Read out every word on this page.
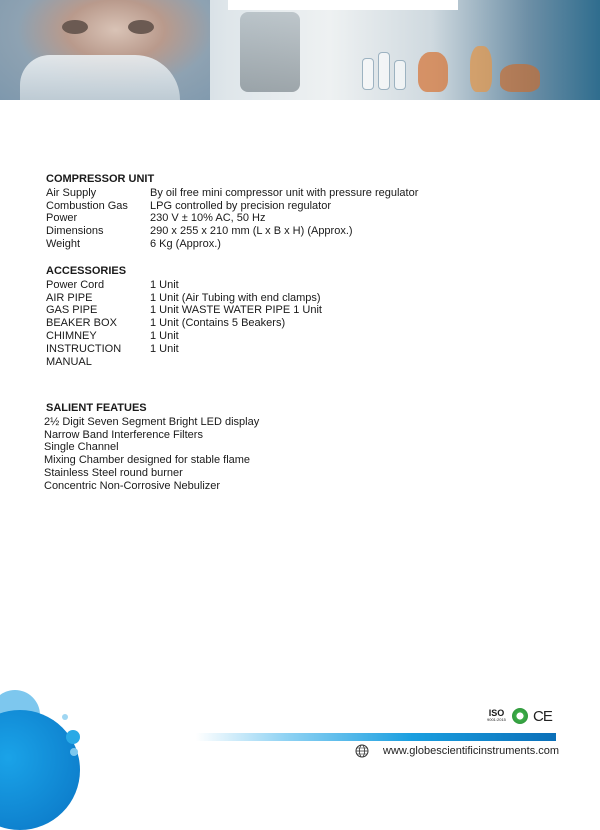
COMPRESSOR UNIT
Air Supply	By oil free mini compressor unit with pressure regulator
Combustion Gas	LPG controlled by precision regulator
Power	230 V ± 10% AC, 50 Hz
Dimensions	290 x 255 x 210 mm (L x B x H) (Approx.)
Weight	6 Kg (Approx.)
ACCESSORIES
Power Cord	1 Unit
AIR PIPE	1 Unit (Air Tubing with end clamps)
GAS PIPE	1 Unit WASTE WATER PIPE 1 Unit
BEAKER BOX	1 Unit (Contains 5 Beakers)
CHIMNEY	1 Unit
INSTRUCTION	1 Unit
MANUAL
SALIENT FEATUES
2½ Digit Seven Segment Bright LED display
Narrow Band Interference Filters
Single Channel
Mixing Chamber designed for stable flame
Stainless Steel round burner
Concentric Non-Corrosive Nebulizer
ISO
9001:2015 CE
www.globescientificinstruments.com
